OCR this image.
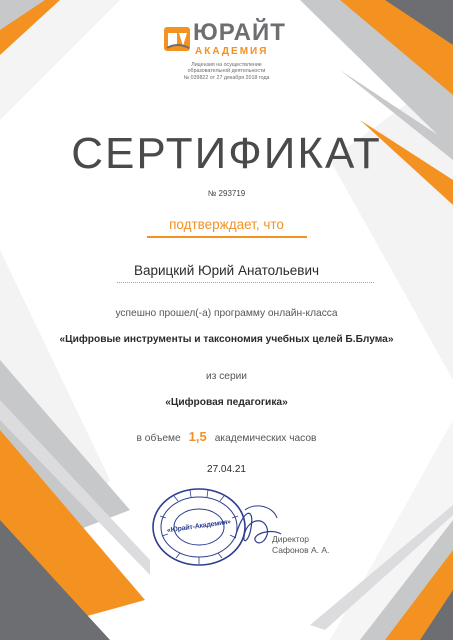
ЮРАЙТ
АКАДЕМИЯ
Лицензия на осуществление
образовательной деятельности
№ 039822 от 27 декабря 2018 года
СЕРТИФИКАТ
№ 293719
подтверждает, что
Варицкий Юрий Анатольевич
успешно прошел(-а) программу онлайн-класса
«Цифровые инструменты и таксономия учебных целей Б.Блума»
из серии
«Цифровая педагогика»
в объеме 1,5 академических часов
27.04.21
«Юрайт-Академия»
Директор
Сафонов А. А.
